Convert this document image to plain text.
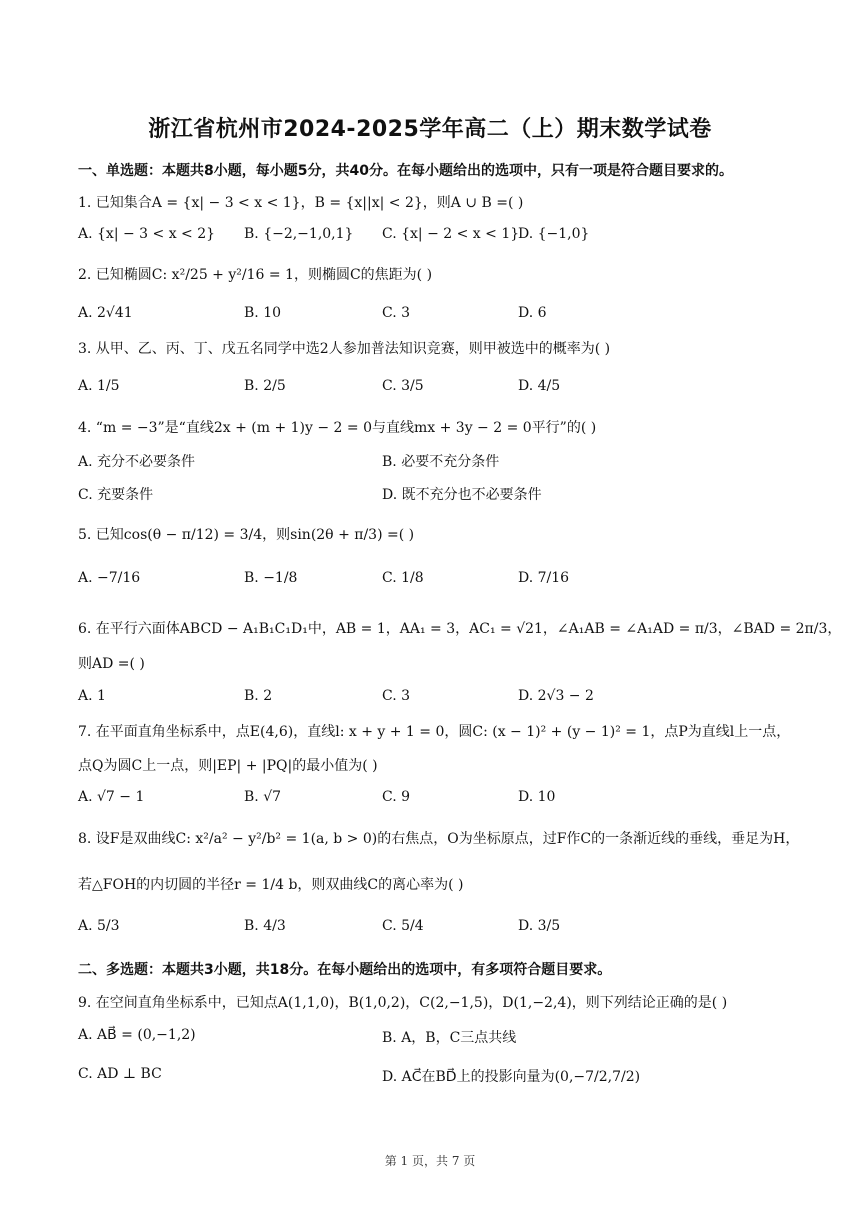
浙江省杭州市2024-2025学年高二（上）期末数学试卷
一、单选题：本题共8小题，每小题5分，共40分。在每小题给出的选项中，只有一项是符合题目要求的。
1. 已知集合A = {x| − 3 < x < 1}，B = {x||x| < 2}，则A ∪ B =( )
A. {x| − 3 < x < 2} B. {−2,−1,0,1} C. {x| − 2 < x < 1}
D. {−1,0}
2. 已知椭圆C: x²/25 + y²/16 = 1，则椭圆C的焦距为( )
A. 2√41	B. 10	C. 3	D. 6
3. 从甲、乙、丙、丁、戊五名同学中选2人参加普法知识竞赛，则甲被选中的概率为( )
A. 1/5	B. 2/5	C. 3/5	D. 4/5
4. “m = −3”是“直线2x + (m + 1)y − 2 = 0与直线mx + 3y − 2 = 0平行”的( )
A. 充分不必要条件	B. 必要不充分条件
C. 充要条件	D. 既不充分也不必要条件
5. 已知cos(θ − π/12) = 3/4，则sin(2θ + π/3) =( )
A. −7/16	B. −1/8	C. 1/8	D. 7/16
6. 在平行六面体ABCD − A₁B₁C₁D₁中，AB = 1，AA₁ = 3，AC₁ = √21，∠A₁AB = ∠A₁AD = π/3，∠BAD = 2π/3，
则AD =( )
A. 1	B. 2	C. 3	D. 2√3 − 2
7. 在平面直角坐标系中，点E(4,6)，直线l: x + y + 1 = 0，圆C: (x − 1)² + (y − 1)² = 1，点P为直线l上一点，
点Q为圆C上一点，则|EP| + |PQ|的最小值为( )
A. √7 − 1	B. √7	C. 9	D. 10
8. 设F是双曲线C: x²/a² − y²/b² = 1(a, b > 0)的右焦点，O为坐标原点，过F作C的一条渐近线的垂线，垂足为H，
若△FOH的内切圆的半径r = 1/4 b，则双曲线C的离心率为( )
A. 5/3	B. 4/3	C. 5/4	D. 3/5
二、多选题：本题共3小题，共18分。在每小题给出的选项中，有多项符合题目要求。
9. 在空间直角坐标系中，已知点A(1,1,0)，B(1,0,2)，C(2,−1,5)，D(1,−2,4)，则下列结论正确的是( )
A. AB⃗ = (0,−1,2)	B. A，B，C三点共线
C. AD ⊥ BC	D. AC⃗在BD⃗上的投影向量为(0,−7/2,7/2)
第 1 页，共 7 页
